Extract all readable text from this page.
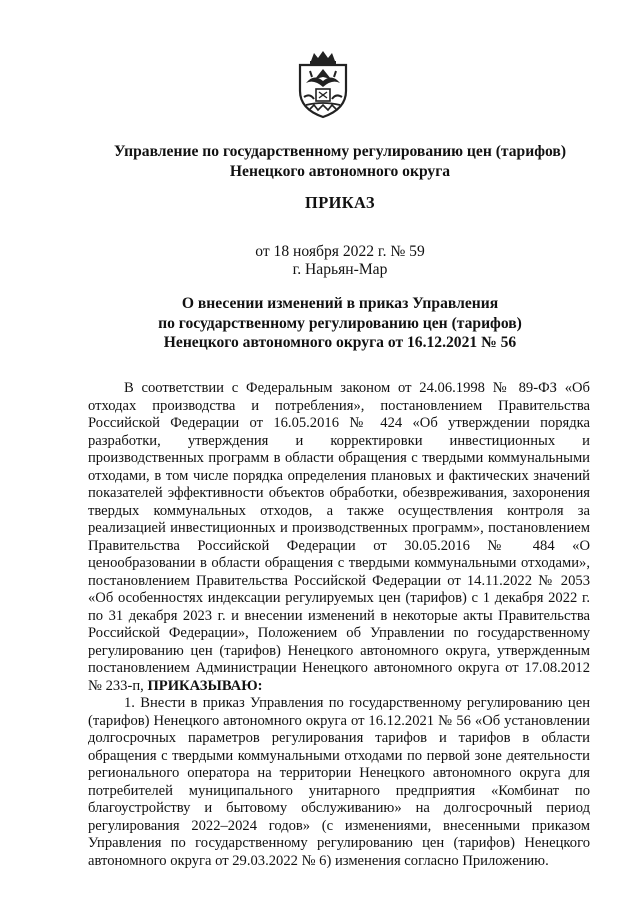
Управление по государственному регулированию цен (тарифов)
Ненецкого автономного округа
ПРИКАЗ
от 18 ноября 2022 г. № 59
г. Нарьян-Мар
О внесении изменений в приказ Управления
по государственному регулированию цен (тарифов)
Ненецкого автономного округа от 16.12.2021 № 56

В соответствии с Федеральным законом от 24.06.1998 № 89-ФЗ «Об отходах производства и потребления», постановлением Правительства Российской Федерации от 16.05.2016 № 424 «Об утверждении порядка разработки, утверждения и корректировки инвестиционных и производственных программ в области обращения с твердыми коммунальными отходами, в том числе порядка определения плановых и фактических значений показателей эффективности объектов обработки, обезвреживания, захоронения твердых коммунальных отходов, а также осуществления контроля за реализацией инвестиционных и производственных программ», постановлением Правительства Российской Федерации от 30.05.2016 № 484 «О ценообразовании в области обращения с твердыми коммунальными отходами», постановлением Правительства Российской Федерации от 14.11.2022 № 2053 «Об особенностях индексации регулируемых цен (тарифов) с 1 декабря 2022 г. по 31 декабря 2023 г. и внесении изменений в некоторые акты Правительства Российской Федерации», Положением об Управлении по государственному регулированию цен (тарифов) Ненецкого автономного округа, утвержденным постановлением Администрации Ненецкого автономного округа от 17.08.2012 № 233-п, ПРИКАЗЫВАЮ:

1. Внести в приказ Управления по государственному регулированию цен (тарифов) Ненецкого автономного округа от 16.12.2021 № 56 «Об установлении долгосрочных параметров регулирования тарифов и тарифов в области обращения с твердыми коммунальными отходами по первой зоне деятельности регионального оператора на территории Ненецкого автономного округа для потребителей муниципального унитарного предприятия «Комбинат по благоустройству и бытовому обслуживанию» на долгосрочный период регулирования 2022–2024 годов» (с изменениями, внесенными приказом Управления по государственному регулированию цен (тарифов) Ненецкого автономного округа от 29.03.2022 № 6) изменения согласно Приложению.
